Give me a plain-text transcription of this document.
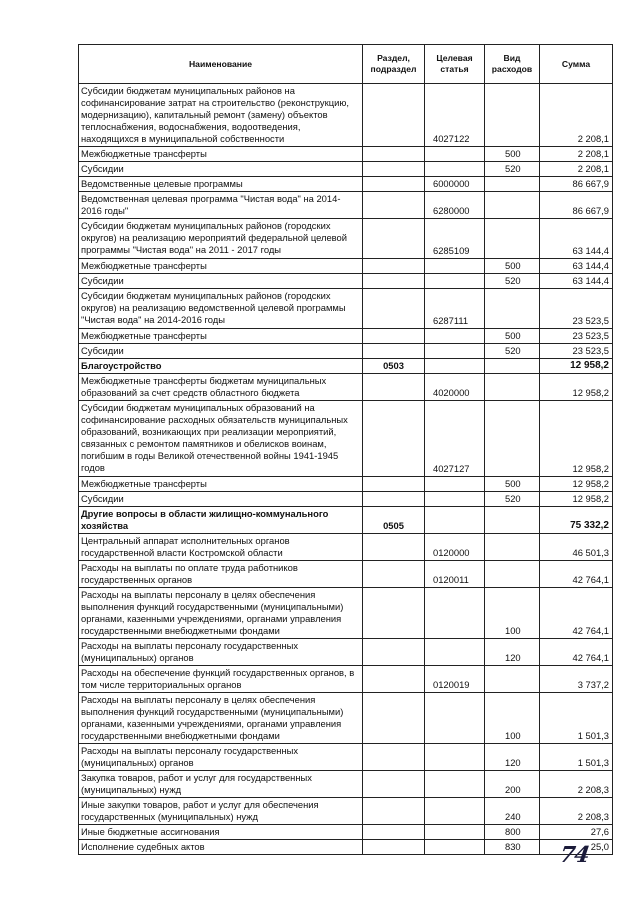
Наименование	Раздел, подраздел	Целевая статья	Вид расходов	Сумма
Субсидии бюджетам муниципальных районов на софинансирование затрат на строительство (реконструкцию, модернизацию), капитальный ремонт (замену) объектов теплоснабжения, водоснабжения, водоотведения, находящихся в муниципальной собственности		4027122		2 208,1
Межбюджетные трансферты			500	2 208,1
Субсидии			520	2 208,1
Ведомственные целевые программы		6000000		86 667,9
Ведомственная целевая программа "Чистая вода" на 2014-2016 годы"		6280000		86 667,9
Субсидии бюджетам муниципальных районов (городских округов) на реализацию мероприятий федеральной целевой программы "Чистая вода" на 2011 - 2017 годы		6285109		63 144,4
Межбюджетные трансферты			500	63 144,4
Субсидии			520	63 144,4
Субсидии бюджетам муниципальных районов (городских округов) на реализацию ведомственной целевой программы "Чистая вода" на 2014-2016 годы		6287111		23 523,5
Межбюджетные трансферты			500	23 523,5
Субсидии			520	23 523,5
Благоустройство	0503			12 958,2
Межбюджетные трансферты бюджетам муниципальных образований за счет средств областного бюджета		4020000		12 958,2
Субсидии бюджетам муниципальных образований на софинансирование расходных обязательств муниципальных образований, возникающих при реализации мероприятий, связанных с ремонтом памятников и обелисков воинам, погибшим в годы Великой отечественной войны 1941-1945 годов		4027127		12 958,2
Межбюджетные трансферты			500	12 958,2
Субсидии			520	12 958,2
Другие вопросы в области жилищно-коммунального хозяйства	0505			75 332,2
Центральный аппарат исполнительных органов государственной власти Костромской области		0120000		46 501,3
Расходы на выплаты по оплате труда работников государственных органов		0120011		42 764,1
Расходы на выплаты персоналу в целях обеспечения выполнения функций государственными (муниципальными) органами, казенными учреждениями, органами управления государственными внебюджетными фондами			100	42 764,1
Расходы на выплаты персоналу государственных (муниципальных) органов			120	42 764,1
Расходы на обеспечение функций государственных органов, в том числе территориальных органов		0120019		3 737,2
Расходы на выплаты персоналу в целях обеспечения выполнения функций государственными (муниципальными) органами, казенными учреждениями, органами управления государственными внебюджетными фондами			100	1 501,3
Расходы на выплаты персоналу государственных (муниципальных) органов			120	1 501,3
Закупка товаров, работ и услуг для государственных (муниципальных) нужд			200	2 208,3
Иные закупки товаров, работ и услуг для обеспечения государственных (муниципальных) нужд			240	2 208,3
Иные бюджетные ассигнования			800	27,6
Исполнение судебных актов			830	25,0
74
